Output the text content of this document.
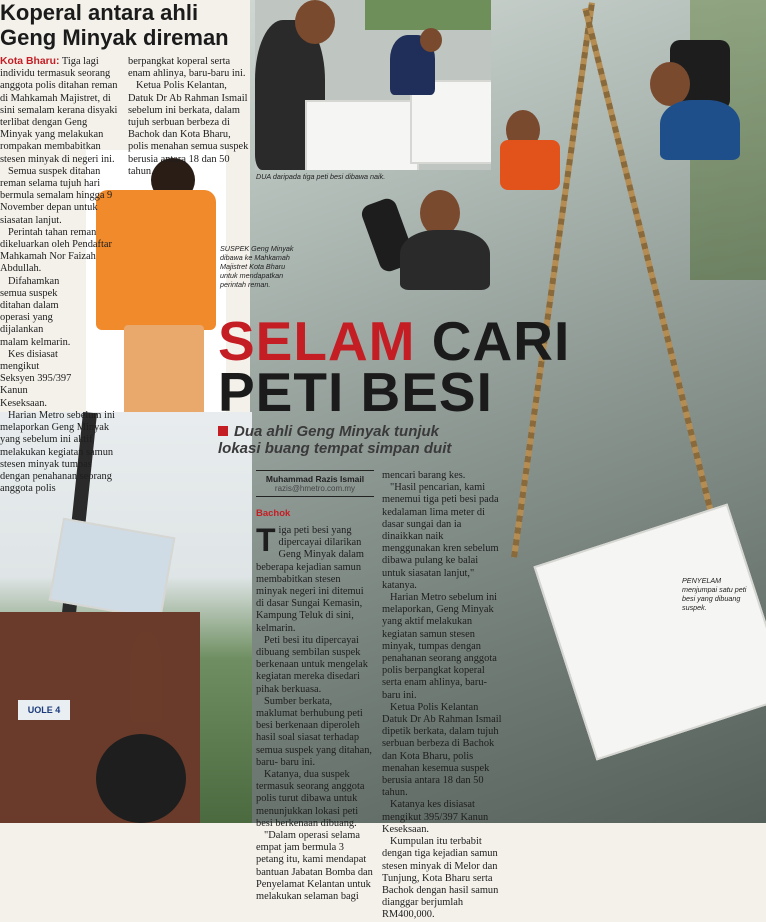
DUA daripada tiga peti besi dibawa naik.
UOLE 4
Koperal antara ahli Geng Minyak direman

Kota Bharu: Tiga lagi individu termasuk seorang anggota polis ditahan reman di Mahkamah Majistret, di sini semalam kerana disyaki terlibat dengan Geng Minyak yang melakukan rompakan membabitkan stesen minyak di negeri ini.

Semua suspek ditahan reman selama tujuh hari bermula semalam hingga 9 November depan untuk siasatan lanjut.

Perintah tahan reman dikeluarkan oleh Pendaftar Mahkamah Nor Faizah Abdullah.

Difahamkan semua suspek ditahan dalam operasi yang dijalankan malam kelmarin.

Kes disiasat mengikut Seksyen 395/397 Kanun Keseksaan.

Harian Metro sebelum ini melaporkan Geng Minyak yang sebelum ini aktif melakukan kegiatan samun stesen minyak tumpas dengan penahanan seorang anggota polis

berpangkat koperal serta enam ahlinya, baru-baru ini.

Ketua Polis Kelantan, Datuk Dr Ab Rahman Ismail sebelum ini berkata, dalam tujuh serbuan berbeza di Bachok dan Kota Bharu, polis menahan semua suspek berusia antara 18 dan 50 tahun.

SUSPEK Geng Minyak dibawa ke Mahkamah Majistret Kota Bharu untuk mendapatkan perintah reman.
SELAM CARI
PETI BESI
Dua ahli Geng Minyak tunjuk
lokasi buang tempat simpan duit
Muhammad Razis Ismail
razis@hmetro.com.my
Bachok

Tiga peti besi yang dipercayai dilarikan Geng Minyak dalam beberapa kejadian samun membabitkan stesen minyak negeri ini ditemui di dasar Sungai Kemasin, Kampung Teluk di sini, kelmarin.

Peti besi itu dipercayai dibuang sembilan suspek berkenaan untuk mengelak kegiatan mereka disedari pihak berkuasa.

Sumber berkata, maklumat berhubung peti besi berkenaan diperoleh hasil soal siasat terhadap semua suspek yang ditahan, baru- baru ini.

Katanya, dua suspek termasuk seorang anggota polis turut dibawa untuk menunjukkan lokasi peti besi berkenaan dibuang.

"Dalam operasi selama empat jam bermula 3 petang itu, kami mendapat bantuan Jabatan Bomba dan Penyelamat Kelantan untuk melakukan selaman bagi

mencari barang kes.

"Hasil pencarian, kami menemui tiga peti besi pada kedalaman lima meter di dasar sungai dan ia dinaikkan naik menggunakan kren sebelum dibawa pulang ke balai untuk siasatan lanjut," katanya.

Harian Metro sebelum ini melaporkan, Geng Minyak yang aktif melakukan kegiatan samun stesen minyak, tumpas dengan penahanan seorang anggota polis berpangkat koperal serta enam ahlinya, baru-baru ini.

Ketua Polis Kelantan Datuk Dr Ab Rahman Ismail dipetik berkata, dalam tujuh serbuan berbeza di Bachok dan Kota Bharu, polis menahan kesemua suspek berusia antara 18 dan 50 tahun.

Katanya kes disiasat mengikut 395/397 Kanun Keseksaan.

Kumpulan itu terbabit dengan tiga kejadian samun stesen minyak di Melor dan Tunjung, Kota Bharu serta Bachok dengan hasil samun dianggar berjumlah RM400,000.

PENYELAM menjumpai satu peti besi yang dibuang suspek.
